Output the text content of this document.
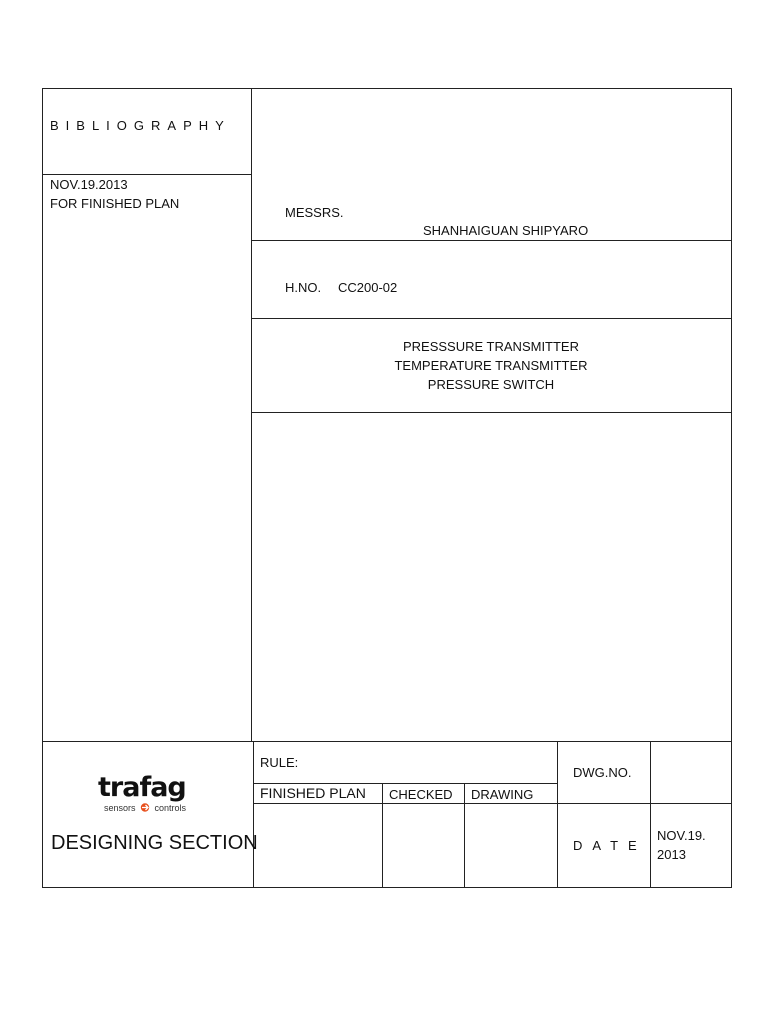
BIBLIOGRAPHY
NOV.19.2013
FOR FINISHED PLAN
MESSRS.
SHANHAIGUAN SHIPYARO
H.NO. CC200-02
PRESSSURE TRANSMITTER
TEMPERATURE TRANSMITTER
PRESSURE SWITCH
trafag
sensors controls
DESIGNING SECTION
RULE:
FINISHED PLAN CHECKED DRAWING
DWG.NO.
DATE
NOV.19.
2013
